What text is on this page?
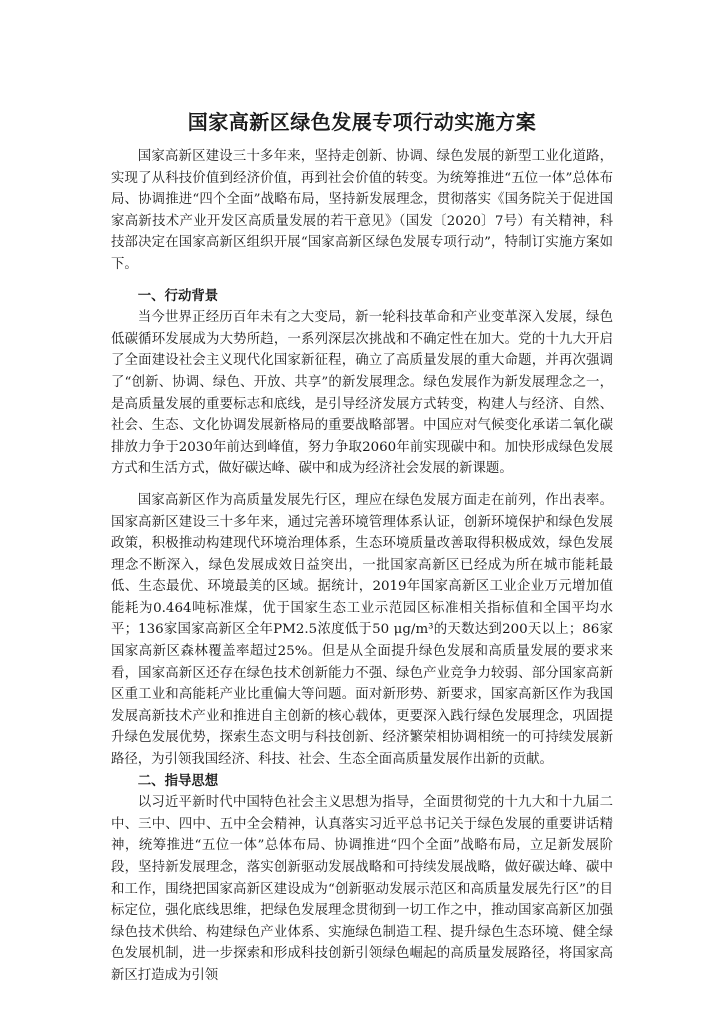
国家高新区绿色发展专项行动实施方案

国家高新区建设三十多年来，坚持走创新、协调、绿色发展的新型工业化道路，实现了从科技价值到经济价值，再到社会价值的转变。为统筹推进“五位一体”总体布局、协调推进“四个全面”战略布局，坚持新发展理念，贯彻落实《国务院关于促进国家高新技术产业开发区高质量发展的若干意见》（国发〔2020〕7号）有关精神，科技部决定在国家高新区组织开展“国家高新区绿色发展专项行动”，特制订实施方案如下。

一、行动背景

当今世界正经历百年未有之大变局，新一轮科技革命和产业变革深入发展，绿色低碳循环发展成为大势所趋，一系列深层次挑战和不确定性在加大。党的十九大开启了全面建设社会主义现代化国家新征程，确立了高质量发展的重大命题，并再次强调了“创新、协调、绿色、开放、共享”的新发展理念。绿色发展作为新发展理念之一，是高质量发展的重要标志和底线，是引导经济发展方式转变，构建人与经济、自然、社会、生态、文化协调发展新格局的重要战略部署。中国应对气候变化承诺二氧化碳排放力争于2030年前达到峰值，努力争取2060年前实现碳中和。加快形成绿色发展方式和生活方式，做好碳达峰、碳中和成为经济社会发展的新课题。

国家高新区作为高质量发展先行区，理应在绿色发展方面走在前列，作出表率。国家高新区建设三十多年来，通过完善环境管理体系认证，创新环境保护和绿色发展政策，积极推动构建现代环境治理体系，生态环境质量改善取得积极成效，绿色发展理念不断深入，绿色发展成效日益突出，一批国家高新区已经成为所在城市能耗最低、生态最优、环境最美的区域。据统计，2019年国家高新区工业企业万元增加值能耗为0.464吨标准煤，优于国家生态工业示范园区标准相关指标值和全国平均水平；136家国家高新区全年PM2.5浓度低于50 μg/m³的天数达到200天以上；86家国家高新区森林覆盖率超过25%。但是从全面提升绿色发展和高质量发展的要求来看，国家高新区还存在绿色技术创新能力不强、绿色产业竞争力较弱、部分国家高新区重工业和高能耗产业比重偏大等问题。面对新形势、新要求，国家高新区作为我国发展高新技术产业和推进自主创新的核心载体，更要深入践行绿色发展理念，巩固提升绿色发展优势，探索生态文明与科技创新、经济繁荣相协调相统一的可持续发展新路径，为引领我国经济、科技、社会、生态全面高质量发展作出新的贡献。

二、指导思想

以习近平新时代中国特色社会主义思想为指导，全面贯彻党的十九大和十九届二中、三中、四中、五中全会精神，认真落实习近平总书记关于绿色发展的重要讲话精神，统筹推进“五位一体”总体布局、协调推进“四个全面”战略布局，立足新发展阶段，坚持新发展理念，落实创新驱动发展战略和可持续发展战略，做好碳达峰、碳中和工作，围绕把国家高新区建设成为“创新驱动发展示范区和高质量发展先行区”的目标定位，强化底线思维，把绿色发展理念贯彻到一切工作之中，推动国家高新区加强绿色技术供给、构建绿色产业体系、实施绿色制造工程、提升绿色生态环境、健全绿色发展机制，进一步探索和形成科技创新引领绿色崛起的高质量发展路径，将国家高新区打造成为引领
